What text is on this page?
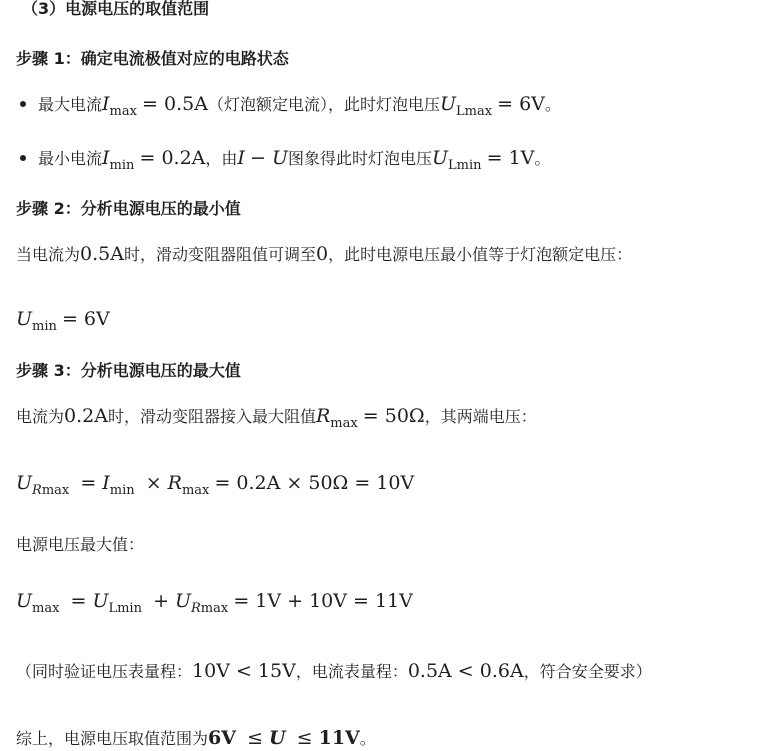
（3）电源电压的取值范围
步骤 1：确定电流极值对应的电路状态
最大电流$I_{max} = 0.5A$（灯泡额定电流），此时灯泡电压$U_{Lmax} = 6V$。
最小电流$I_{min} = 0.2A$，由I − U图象得此时灯泡电压$U_{Lmin} = 1V$。
步骤 2：分析电源电压的最小值
当电流为0.5A时，滑动变阻器阻值可调至0，此时电源电压最小值等于灯泡额定电压：
$U_{min} = 6V$
步骤 3：分析电源电压的最大值
电流为0.2A时，滑动变阻器接入最大阻值$R_{max} = 50\Omega$，其两端电压：
$U_{Rmax} = I_{min} \times R_{max} = 0.2A \times 50\Omega = 10V$
电源电压最大值：
$U_{max} = U_{Lmin} + U_{Rmax} = 1V + 10V = 11V$
（同时验证电压表量程：10V < 15V，电流表量程：0.5A < 0.6A，符合安全要求）
综上，电源电压取值范围为6V ≤ U ≤ 11V。
